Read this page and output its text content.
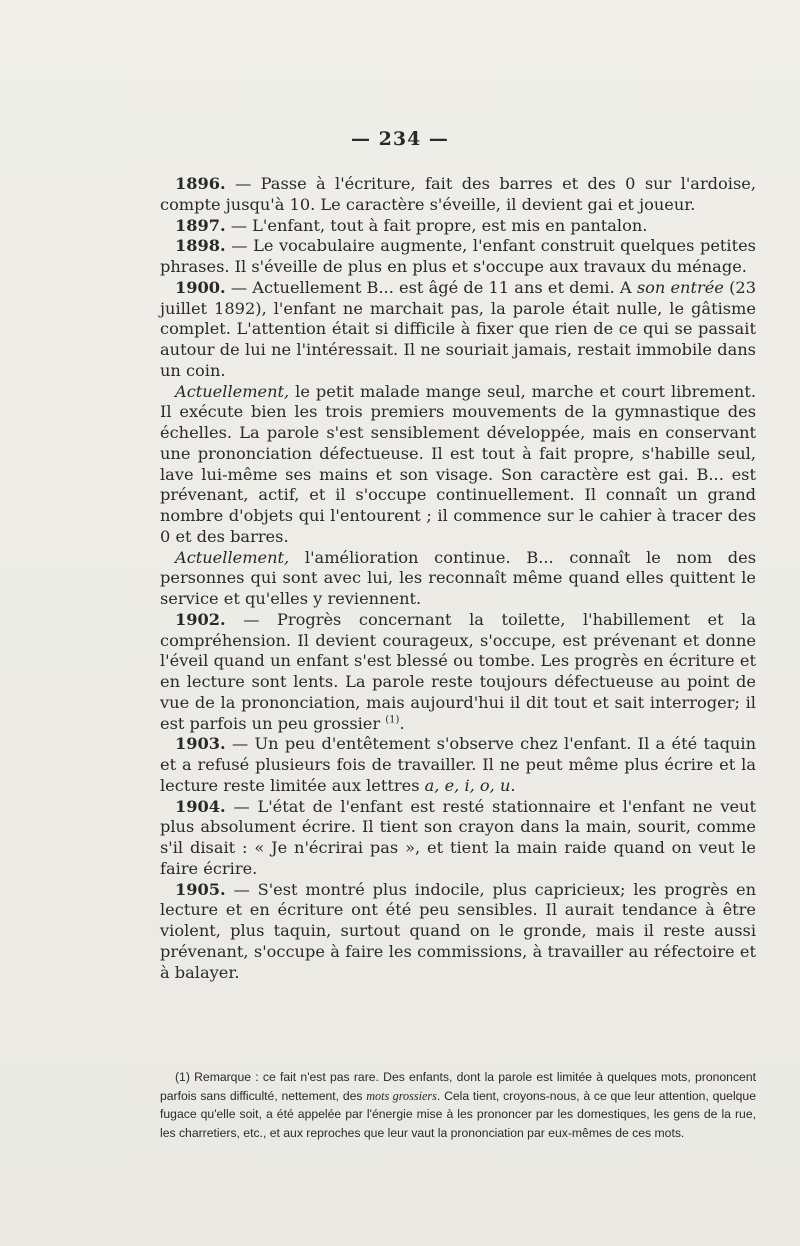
— 234 —

1896. — Passe à l'écriture, fait des barres et des 0 sur l'ardoise, compte jusqu'à 10. Le caractère s'éveille, il devient gai et joueur.

1897. — L'enfant, tout à fait propre, est mis en pantalon.

1898. — Le vocabulaire augmente, l'enfant construit quelques petites phrases. Il s'éveille de plus en plus et s'occupe aux travaux du ménage.

1900. — Actuellement B... est âgé de 11 ans et demi. A son entrée (23 juillet 1892), l'enfant ne marchait pas, la parole était nulle, le gâtisme complet. L'attention était si difficile à fixer que rien de ce qui se passait autour de lui ne l'intéressait. Il ne souriait jamais, restait immobile dans un coin.

Actuellement, le petit malade mange seul, marche et court librement. Il exécute bien les trois premiers mouvements de la gymnastique des échelles. La parole s'est sensiblement développée, mais en conservant une prononciation défectueuse. Il est tout à fait propre, s'habille seul, lave lui-même ses mains et son visage. Son caractère est gai. B... est prévenant, actif, et il s'occupe continuellement. Il connaît un grand nombre d'objets qui l'entourent ; il commence sur le cahier à tracer des 0 et des barres.

Actuellement, l'amélioration continue. B... connaît le nom des personnes qui sont avec lui, les reconnaît même quand elles quittent le service et qu'elles y reviennent.

1902. — Progrès concernant la toilette, l'habillement et la compréhension. Il devient courageux, s'occupe, est prévenant et donne l'éveil quand un enfant s'est blessé ou tombe. Les progrès en écriture et en lecture sont lents. La parole reste toujours défectueuse au point de vue de la prononciation, mais aujourd'hui il dit tout et sait interroger; il est parfois un peu grossier $^{(1)}$.

1903. — Un peu d'entêtement s'observe chez l'enfant. Il a été taquin et a refusé plusieurs fois de travailler. Il ne peut même plus écrire et la lecture reste limitée aux lettres a, e, i, o, u.

1904. — L'état de l'enfant est resté stationnaire et l'enfant ne veut plus absolument écrire. Il tient son crayon dans la main, sourit, comme s'il disait : « Je n'écrirai pas », et tient la main raide quand on veut le faire écrire.

1905. — S'est montré plus indocile, plus capricieux; les progrès en lecture et en écriture ont été peu sensibles. Il aurait tendance à être violent, plus taquin, surtout quand on le gronde, mais il reste aussi prévenant, s'occupe à faire les commissions, à travailler au réfectoire et à balayer.

(1) Remarque : ce fait n'est pas rare. Des enfants, dont la parole est limitée à quelques mots, prononcent parfois sans difficulté, nettement, des mots grossiers. Cela tient, croyons-nous, à ce que leur attention, quelque fugace qu'elle soit, a été appelée par l'énergie mise à les prononcer par les domestiques, les gens de la rue, les charretiers, etc., et aux reproches que leur vaut la prononciation par eux-mêmes de ces mots.
